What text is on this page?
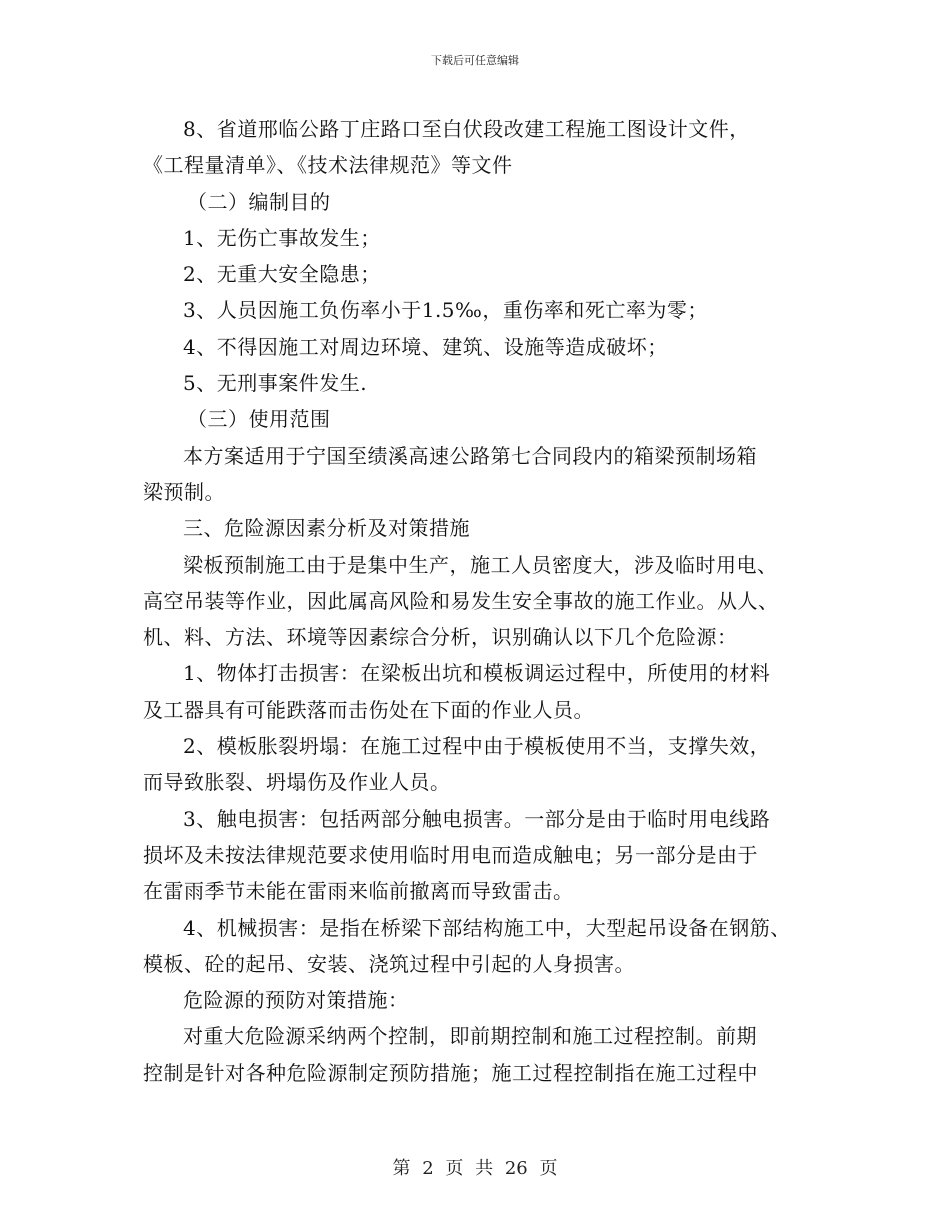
下载后可任意编辑
8、省道邢临公路丁庄路口至白伏段改建工程施工图设计文件，
《工程量清单》、《技术法律规范》等文件
（二）编制目的
1、无伤亡事故发生；
2、无重大安全隐患；
3、人员因施工负伤率小于1.5‰，重伤率和死亡率为零；
4、不得因施工对周边环境、建筑、设施等造成破坏；
5、无刑事案件发生.
（三）使用范围
本方案适用于宁国至绩溪高速公路第七合同段内的箱梁预制场箱
梁预制。
三、危险源因素分析及对策措施
梁板预制施工由于是集中生产，施工人员密度大，涉及临时用电、
高空吊装等作业，因此属高风险和易发生安全事故的施工作业。从人、
机、料、方法、环境等因素综合分析，识别确认以下几个危险源：
1、物体打击损害：在梁板出坑和模板调运过程中，所使用的材料
及工器具有可能跌落而击伤处在下面的作业人员。
2、模板胀裂坍塌：在施工过程中由于模板使用不当，支撑失效，
而导致胀裂、坍塌伤及作业人员。
3、触电损害：包括两部分触电损害。一部分是由于临时用电线路
损坏及未按法律规范要求使用临时用电而造成触电；另一部分是由于
在雷雨季节未能在雷雨来临前撤离而导致雷击。
4、机械损害：是指在桥梁下部结构施工中，大型起吊设备在钢筋、
模板、砼的起吊、安装、浇筑过程中引起的人身损害。
危险源的预防对策措施：
对重大危险源采纳两个控制，即前期控制和施工过程控制。前期
控制是针对各种危险源制定预防措施；施工过程控制指在施工过程中
第 2 页 共 26 页
